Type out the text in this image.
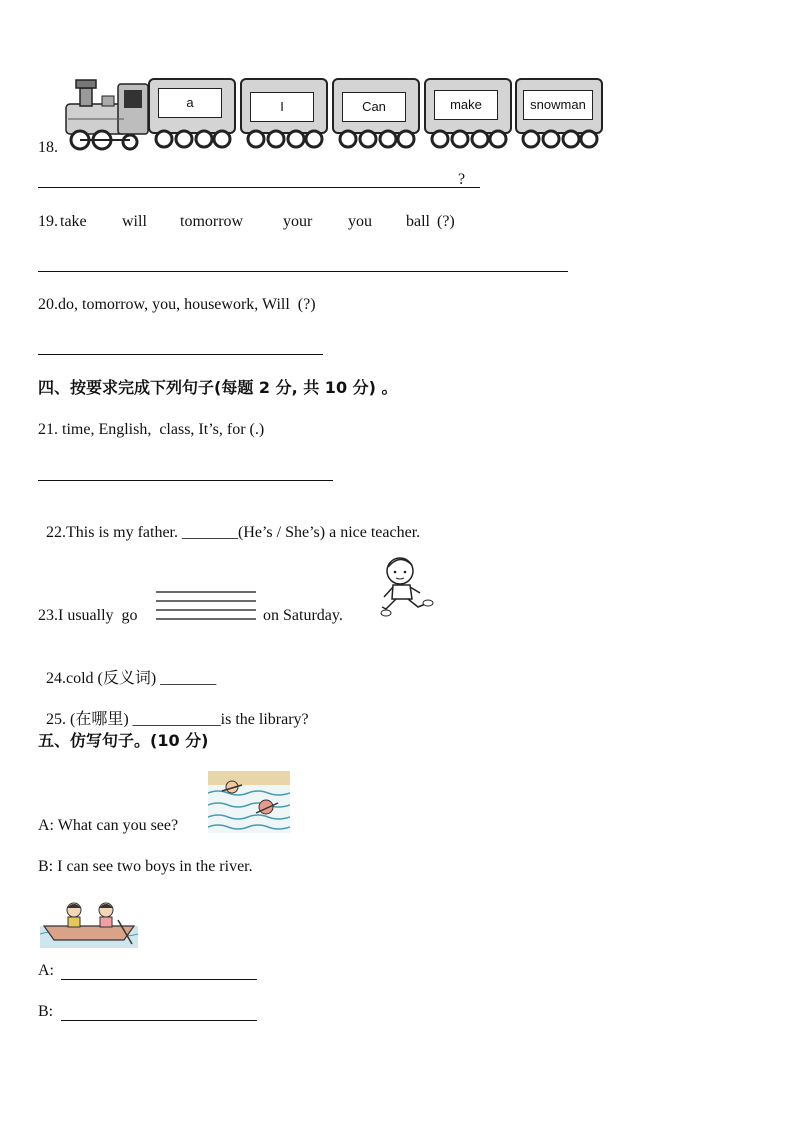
a	I	Can	make	snowman
18.
?
19. take will tomorrow your you ball (?)
20.do, tomorrow, you, housework, Will  (?)
四、按要求完成下列句子(每题 2 分, 共 10 分) 。
21. time, English,  class, It’s, for (.)

22.This is my father. _______(He’s / She’s) a nice teacher.

23.I usually  go	on Saturday.

24.cold (反义词) _______

25. (在哪里) ___________is the library?

五、仿写句子。(10 分)
A: What can you see?
B: I can see two boys in the river.
A:
B:
